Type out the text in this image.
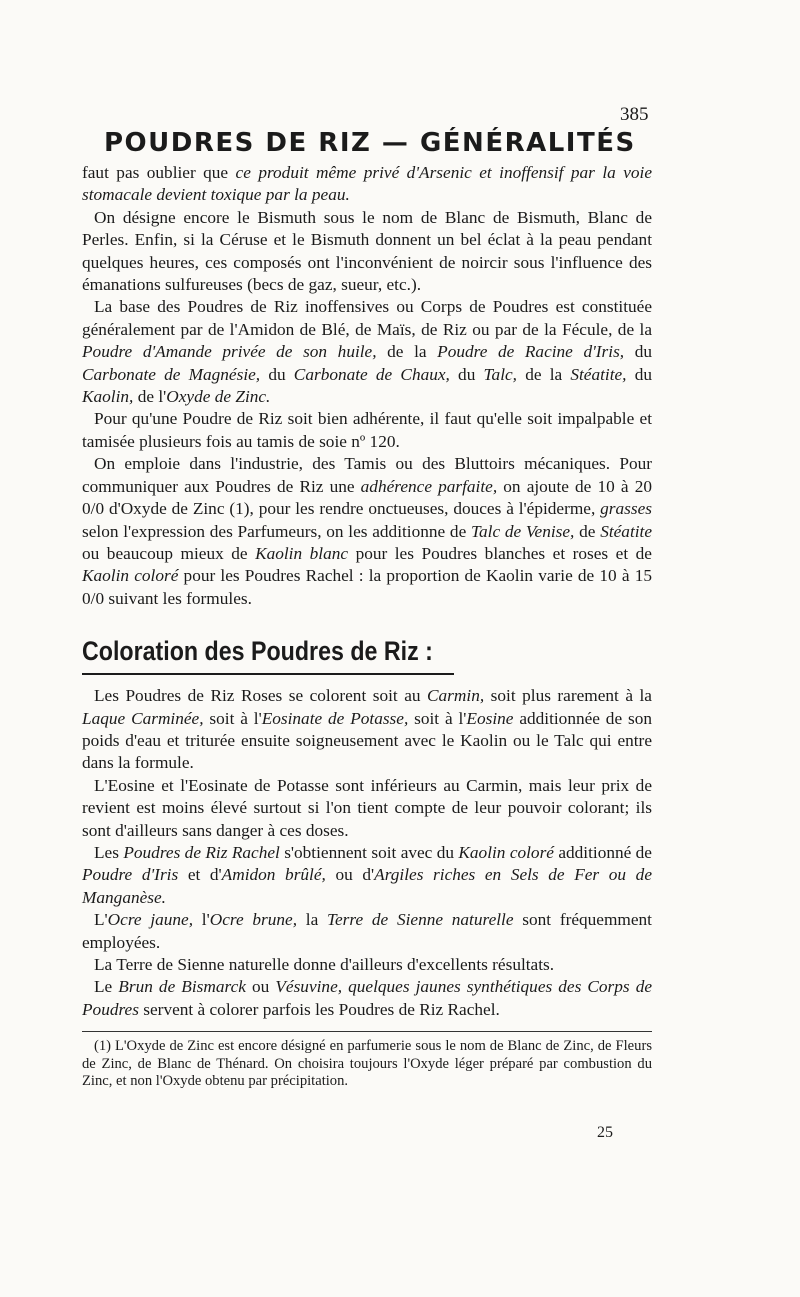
385
POUDRES DE RIZ — GÉNÉRALITÉS

faut pas oublier que ce produit même privé d'Arsenic et inoffensif par la voie stomacale devient toxique par la peau.

On désigne encore le Bismuth sous le nom de Blanc de Bismuth, Blanc de Perles. Enfin, si la Céruse et le Bismuth donnent un bel éclat à la peau pendant quelques heures, ces composés ont l'inconvénient de noircir sous l'influence des émanations sulfureuses (becs de gaz, sueur, etc.).

La base des Poudres de Riz inoffensives ou Corps de Poudres est constituée généralement par de l'Amidon de Blé, de Maïs, de Riz ou par de la Fécule, de la Poudre d'Amande privée de son huile, de la Poudre de Racine d'Iris, du Carbonate de Magnésie, du Carbonate de Chaux, du Talc, de la Stéatite, du Kaolin, de l'Oxyde de Zinc.

Pour qu'une Poudre de Riz soit bien adhérente, il faut qu'elle soit impalpable et tamisée plusieurs fois au tamis de soie nº 120.

On emploie dans l'industrie, des Tamis ou des Bluttoirs mécaniques. Pour communiquer aux Poudres de Riz une adhérence parfaite, on ajoute de 10 à 20 0/0 d'Oxyde de Zinc (1), pour les rendre onctueuses, douces à l'épiderme, grasses selon l'expression des Parfumeurs, on les additionne de Talc de Venise, de Stéatite ou beaucoup mieux de Kaolin blanc pour les Poudres blanches et roses et de Kaolin coloré pour les Poudres Rachel : la proportion de Kaolin varie de 10 à 15 0/0 suivant les formules.

Coloration des Poudres de Riz :

Les Poudres de Riz Roses se colorent soit au Carmin, soit plus rarement à la Laque Carminée, soit à l'Eosinate de Potasse, soit à l'Eosine additionnée de son poids d'eau et triturée ensuite soigneusement avec le Kaolin ou le Talc qui entre dans la formule.

L'Eosine et l'Eosinate de Potasse sont inférieurs au Carmin, mais leur prix de revient est moins élevé surtout si l'on tient compte de leur pouvoir colorant; ils sont d'ailleurs sans danger à ces doses.

Les Poudres de Riz Rachel s'obtiennent soit avec du Kaolin coloré additionné de Poudre d'Iris et d'Amidon brûlé, ou d'Argiles riches en Sels de Fer ou de Manganèse.

L'Ocre jaune, l'Ocre brune, la Terre de Sienne naturelle sont fréquemment employées.

La Terre de Sienne naturelle donne d'ailleurs d'excellents résultats.

Le Brun de Bismarck ou Vésuvine, quelques jaunes synthétiques des Corps de Poudres servent à colorer parfois les Poudres de Riz Rachel.

(1) L'Oxyde de Zinc est encore désigné en parfumerie sous le nom de Blanc de Zinc, de Fleurs de Zinc, de Blanc de Thénard. On choisira toujours l'Oxyde léger préparé par combustion du Zinc, et non l'Oxyde obtenu par précipitation.

25
